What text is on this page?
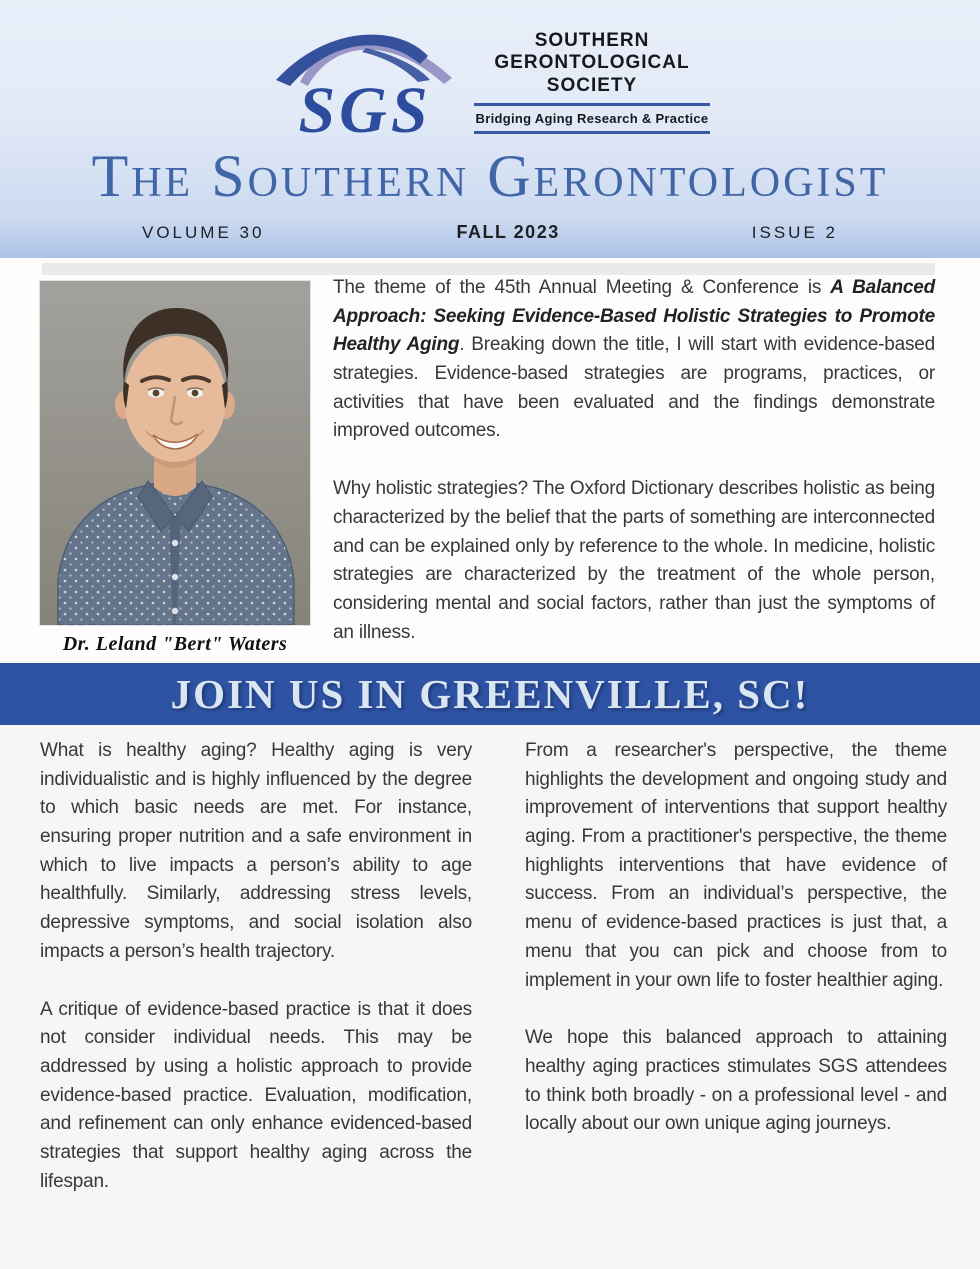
SGS
SOUTHERN
GERONTOLOGICAL
SOCIETY
Bridging Aging Research & Practice
The Southern Gerontologist
VOLUME 30	FALL 2023	ISSUE 2
Dr. Leland "Bert" Waters

The theme of the 45th Annual Meeting & Conference is A Balanced Approach: Seeking Evidence-Based Holistic Strategies to Promote Healthy Aging. Breaking down the title, I will start with evidence-based strategies. Evidence-based strategies are programs, practices, or activities that have been evaluated and the findings demonstrate improved outcomes.

Why holistic strategies? The Oxford Dictionary describes holistic as being characterized by the belief that the parts of something are interconnected and can be explained only by reference to the whole. In medicine, holistic strategies are characterized by the treatment of the whole person, considering mental and social factors, rather than just the symptoms of an illness.

JOIN US IN GREENVILLE, SC!

What is healthy aging? Healthy aging is very individualistic and is highly influenced by the degree to which basic needs are met. For instance, ensuring proper nutrition and a safe environment in which to live impacts a person’s ability to age healthfully. Similarly, addressing stress levels, depressive symptoms, and social isolation also impacts a person’s health trajectory.

A critique of evidence-based practice is that it does not consider individual needs. This may be addressed by using a holistic approach to provide evidence-based practice. Evaluation, modification, and refinement can only enhance evidenced-based strategies that support healthy aging across the lifespan.

From a researcher's perspective, the theme highlights the development and ongoing study and improvement of interventions that support healthy aging. From a practitioner's perspective, the theme highlights interventions that have evidence of success. From an individual’s perspective, the menu of evidence-based practices is just that, a menu that you can pick and choose from to implement in your own life to foster healthier aging.

We hope this balanced approach to attaining healthy aging practices stimulates SGS attendees to think both broadly - on a professional level - and locally about our own unique aging journeys.
